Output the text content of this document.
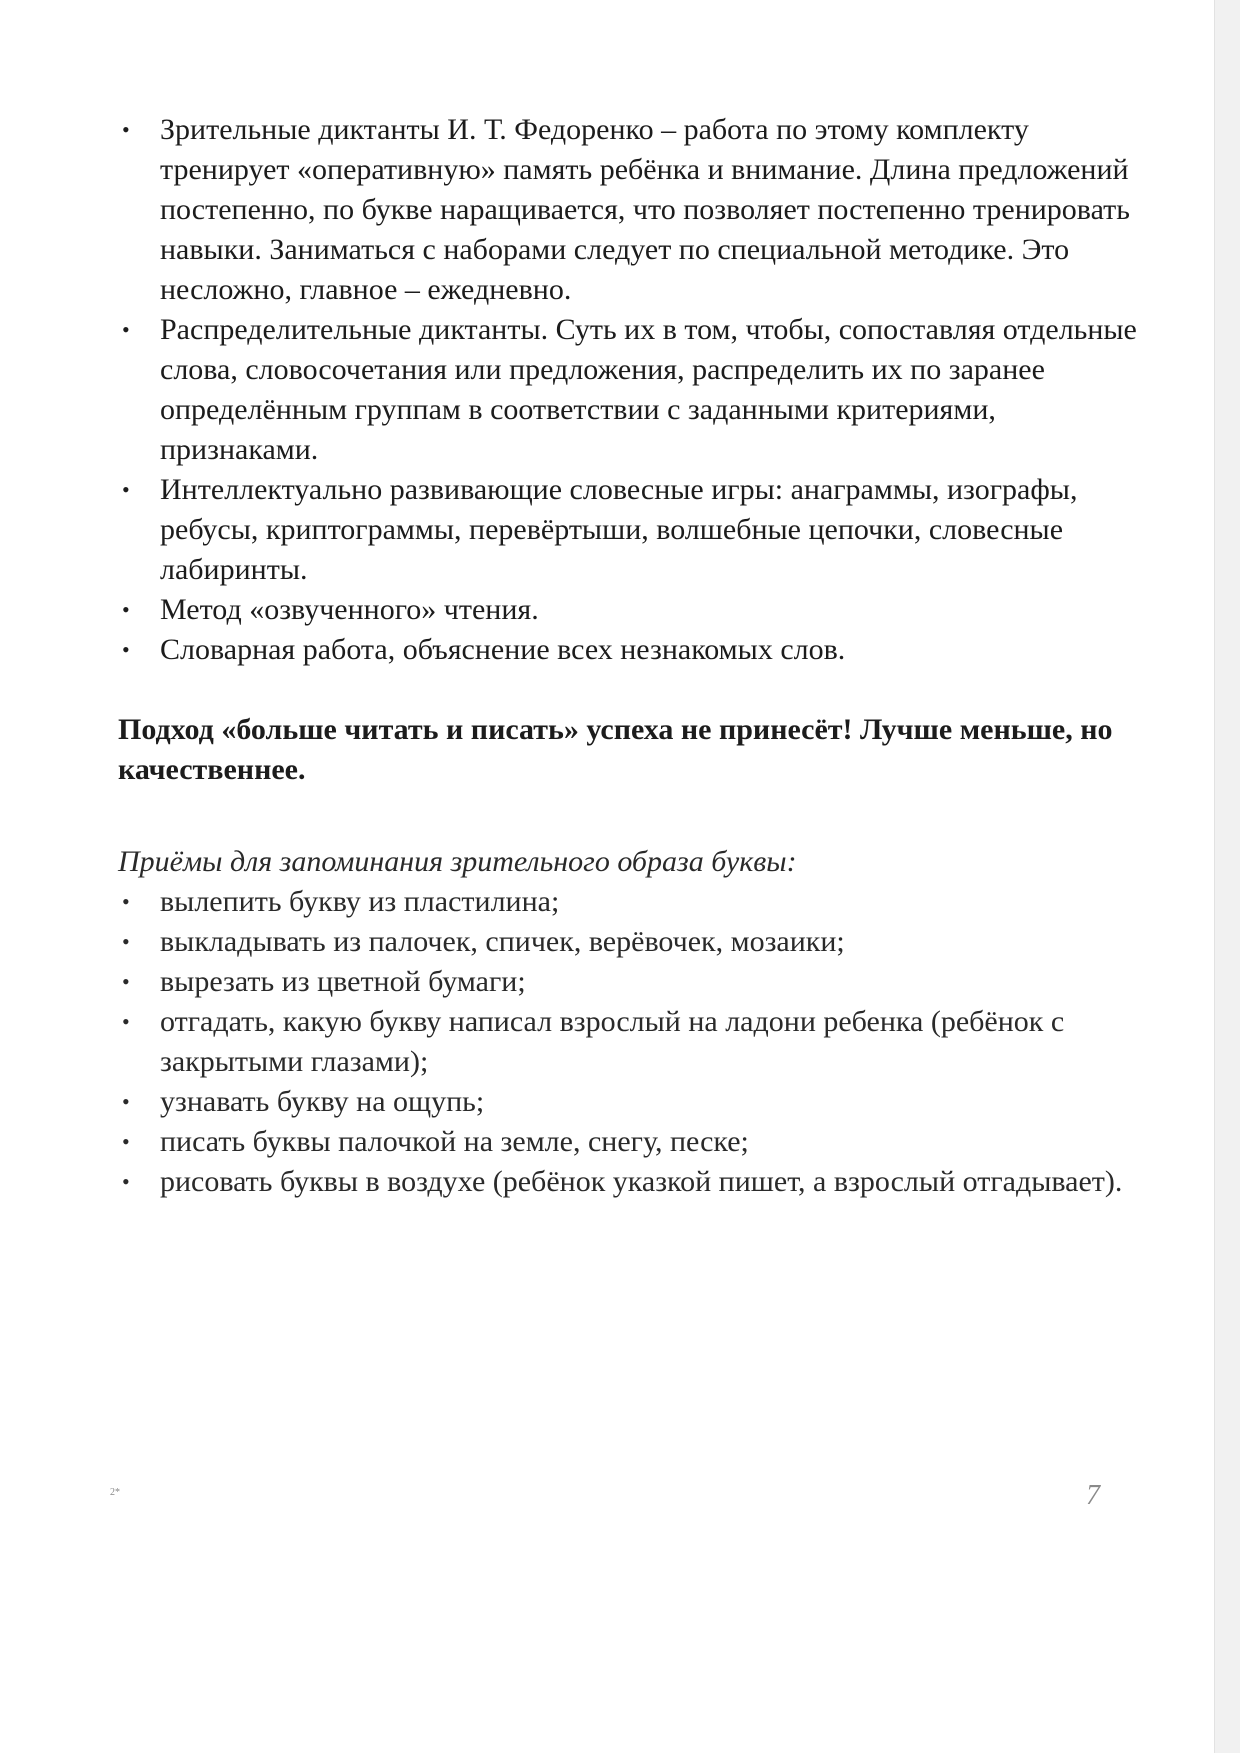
• Зрительные диктанты И. Т. Федоренко – работа по этому комплекту тренирует «оперативную» память ребёнка и внимание. Длина предложений постепенно, по букве наращивается, что позволяет постепенно тренировать навыки. Заниматься с наборами следует по специальной методике. Это несложно, главное – ежедневно.
• Распределительные диктанты. Суть их в том, чтобы, сопоставляя отдельные слова, словосочетания или предложения, распределить их по заранее определённым группам в соответствии с заданными критериями, признаками.
• Интеллектуально развивающие словесные игры: анаграммы, изографы, ребусы, криптограммы, перевёртыши, волшебные цепочки, словесные лабиринты.
• Метод «озвученного» чтения.
• Словарная работа, объяснение всех незнакомых слов.

Подход «больше читать и писать» успеха не принесёт! Лучше меньше, но качественнее.

Приёмы для запоминания зрительного образа буквы:

• вылепить букву из пластилина;
• выкладывать из палочек, спичек, верёвочек, мозаики;
• вырезать из цветной бумаги;
• отгадать, какую букву написал взрослый на ладони ребенка (ребёнок с закрытыми глазами);
• узнавать букву на ощупь;
• писать буквы палочкой на земле, снегу, песке;
• рисовать буквы в воздухе (ребёнок указкой пишет, а взрослый отгадывает).
2*	7
